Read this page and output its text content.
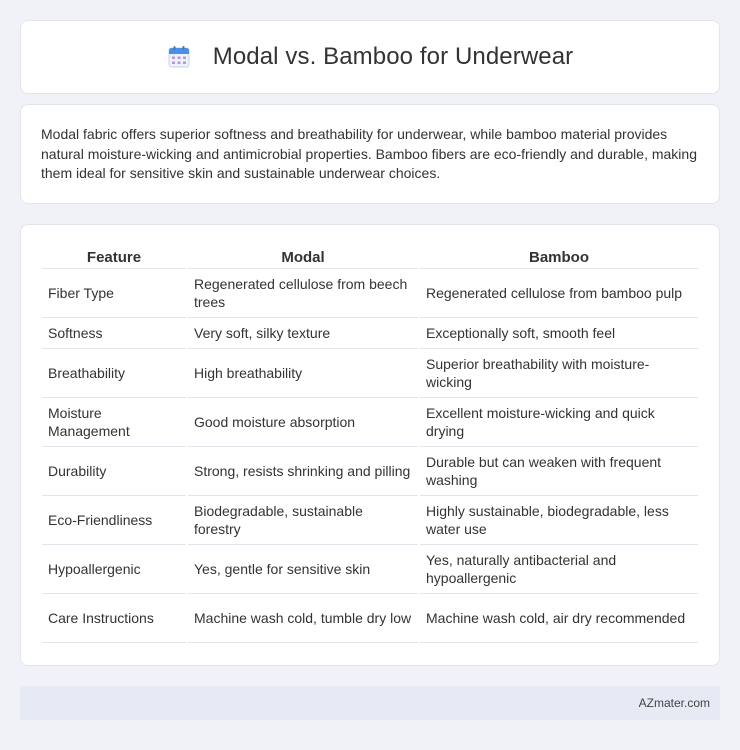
Modal vs. Bamboo for Underwear

Modal fabric offers superior softness and breathability for underwear, while bamboo material provides natural moisture-wicking and antimicrobial properties. Bamboo fibers are eco-friendly and durable, making them ideal for sensitive skin and sustainable underwear choices.

Feature	Modal	Bamboo
Fiber Type	Regenerated cellulose from beech trees	Regenerated cellulose from bamboo pulp
Softness	Very soft, silky texture	Exceptionally soft, smooth feel
Breathability	High breathability	Superior breathability with moisture-wicking
Moisture Management	Good moisture absorption	Excellent moisture-wicking and quick drying
Durability	Strong, resists shrinking and pilling	Durable but can weaken with frequent washing
Eco-Friendliness	Biodegradable, sustainable forestry	Highly sustainable, biodegradable, less water use
Hypoallergenic	Yes, gentle for sensitive skin	Yes, naturally antibacterial and hypoallergenic
Care Instructions	Machine wash cold, tumble dry low	Machine wash cold, air dry recommended
AZmater.com
